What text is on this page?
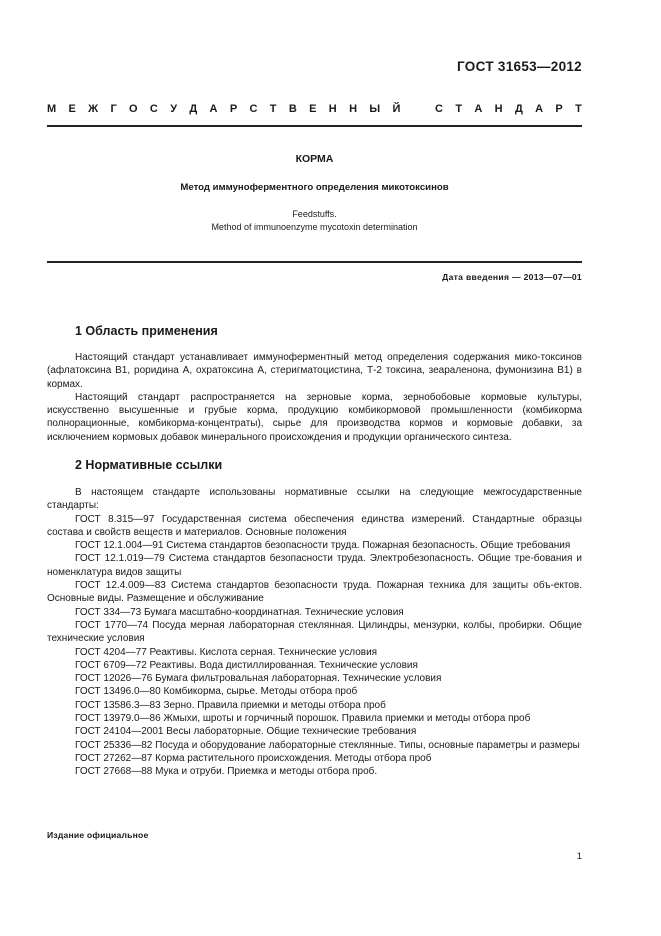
ГОСТ 31653—2012
М Е Ж Г О С У Д А Р С Т В Е Н Н Ы Й	С Т А Н Д А Р Т
КОРМА
Метод иммуноферментного определения микотоксинов
Feedstuffs.
Method of immunoenzyme mycotoxin determination
Дата введения — 2013—07—01
1 Область применения

Настоящий стандарт устанавливает иммуноферментный метод определения содержания мико-токсинов (афлатоксина В1, роридина А, охратоксина А, стеригматоцистина, Т-2 токсина, зеараленона, фумонизина В1) в кормах.

Настоящий стандарт распространяется на зерновые корма, зернобобовые кормовые культуры, искусственно высушенные и грубые корма, продукцию комбикормовой промышленности (комбикорма полнорационные, комбикорма-концентраты), сырье для производства кормов и кормовые добавки, за исключением кормовых добавок минерального происхождения и продукции органического синтеза.

2 Нормативные ссылки

В настоящем стандарте использованы нормативные ссылки на следующие межгосударственные стандарты:

ГОСТ 8.315—97 Государственная система обеспечения единства измерений. Стандартные образцы состава и свойств веществ и материалов. Основные положения

ГОСТ 12.1.004—91 Система стандартов безопасности труда. Пожарная безопасность. Общие требования

ГОСТ 12.1.019—79 Система стандартов безопасности труда. Электробезопасность. Общие тре-бования и номенклатура видов защиты

ГОСТ 12.4.009—83 Система стандартов безопасности труда. Пожарная техника для защиты объ-ектов. Основные виды. Размещение и обслуживание

ГОСТ 334—73 Бумага масштабно-координатная. Технические условия

ГОСТ 1770—74 Посуда мерная лабораторная стеклянная. Цилиндры, мензурки, колбы, пробирки. Общие технические условия

ГОСТ 4204—77 Реактивы. Кислота серная. Технические условия

ГОСТ 6709—72 Реактивы. Вода дистиллированная. Технические условия

ГОСТ 12026—76 Бумага фильтровальная лабораторная. Технические условия

ГОСТ 13496.0—80 Комбикорма, сырье. Методы отбора проб

ГОСТ 13586.3—83 Зерно. Правила приемки и методы отбора проб

ГОСТ 13979.0—86 Жмыхи, шроты и горчичный порошок. Правила приемки и методы отбора проб

ГОСТ 24104—2001 Весы лабораторные. Общие технические требования

ГОСТ 25336—82 Посуда и оборудование лабораторные стеклянные. Типы, основные параметры и размеры

ГОСТ 27262—87 Корма растительного происхождения. Методы отбора проб

ГОСТ 27668—88 Мука и отруби. Приемка и методы отбора проб.

Издание официальное
1
